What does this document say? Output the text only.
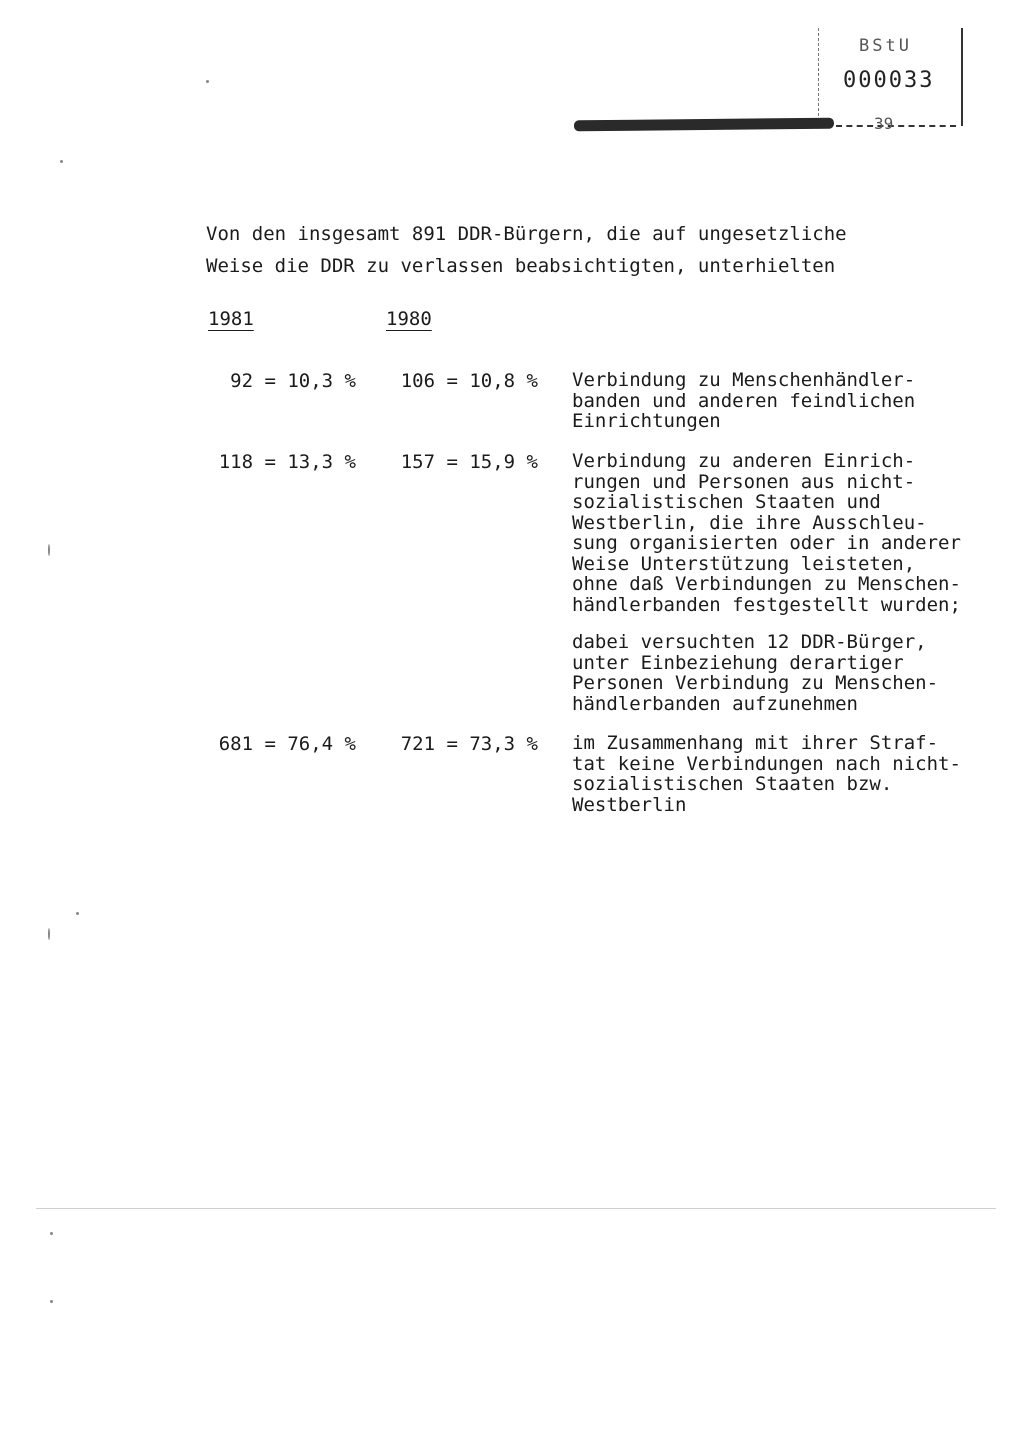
BStU
000033
39
Von den insgesamt 891 DDR-Bürgern, die auf ungesetzliche
Weise die DDR zu verlassen beabsichtigten, unterhielten
1981	1980
92 = 10,3 %	106 = 10,8 % Verbindung zu Menschenhändler-
banden und anderen feindlichen
Einrichtungen
118 = 13,3 %	157 = 15,9 % Verbindung zu anderen Einrich-
rungen und Personen aus nicht-
sozialistischen Staaten und
Westberlin, die ihre Ausschleu-
sung organisierten oder in anderer
Weise Unterstützung leisteten,
ohne daß Verbindungen zu Menschen-
händlerbanden festgestellt wurden;
dabei versuchten 12 DDR-Bürger,
unter Einbeziehung derartiger
Personen Verbindung zu Menschen-
händlerbanden aufzunehmen
681 = 76,4 %	721 = 73,3 % im Zusammenhang mit ihrer Straf-
tat keine Verbindungen nach nicht-
sozialistischen Staaten bzw.
Westberlin
